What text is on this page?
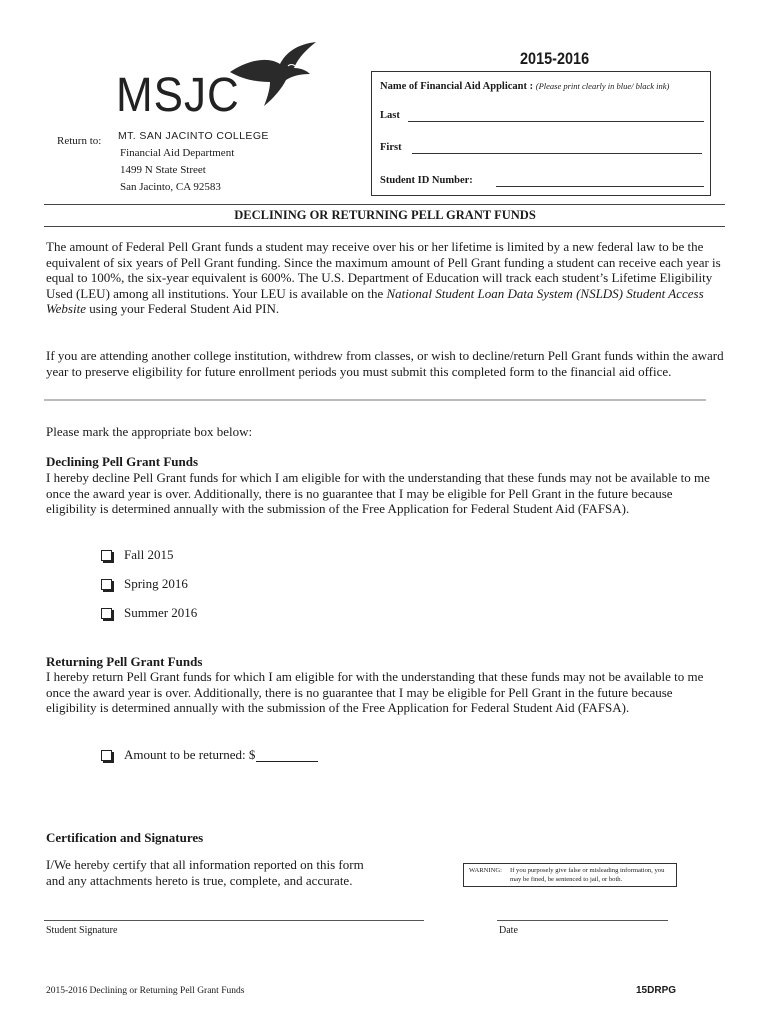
MSJC
MT. SAN JACINTO COLLEGE
Return to:
Financial Aid Department
1499 N State Street
San Jacinto, CA 92583
2015-2016
Name of Financial Aid Applicant : (Please print clearly in blue/ black ink)
Last
First
Student ID Number:
DECLINING OR RETURNING PELL GRANT FUNDS
The amount of Federal Pell Grant funds a student may receive over his or her lifetime is limited by a new federal law to be the equivalent of six years of Pell Grant funding. Since the maximum amount of Pell Grant funding a student can receive each year is equal to 100%, the six-year equivalent is 600%. The U.S. Department of Education will track each student’s Lifetime Eligibility Used (LEU) among all institutions. Your LEU is available on the National Student Loan Data System (NSLDS) Student Access Website using your Federal Student Aid PIN.
If you are attending another college institution, withdrew from classes, or wish to decline/return Pell Grant funds within the award year to preserve eligibility for future enrollment periods you must submit this completed form to the financial aid office.
Please mark the appropriate box below:
Declining Pell Grant Funds
I hereby decline Pell Grant funds for which I am eligible for with the understanding that these funds may not be available to me once the award year is over. Additionally, there is no guarantee that I may be eligible for Pell Grant in the future because eligibility is determined annually with the submission of the Free Application for Federal Student Aid (FAFSA).
Fall 2015
Spring 2016
Summer 2016
Returning Pell Grant Funds
I hereby return Pell Grant funds for which I am eligible for with the understanding that these funds may not be available to me once the award year is over. Additionally, there is no guarantee that I may be eligible for Pell Grant in the future because eligibility is determined annually with the submission of the Free Application for Federal Student Aid (FAFSA).
Amount to be returned: $
Certification and Signatures
I/We hereby certify that all information reported on this form
and any attachments hereto is true, complete, and accurate.
WARNING: If you purposely give false or misleading information, you may be fined, be sentenced to jail, or both.
Student Signature	Date
2015-2016 Declining or Returning Pell Grant Funds	15DRPG
